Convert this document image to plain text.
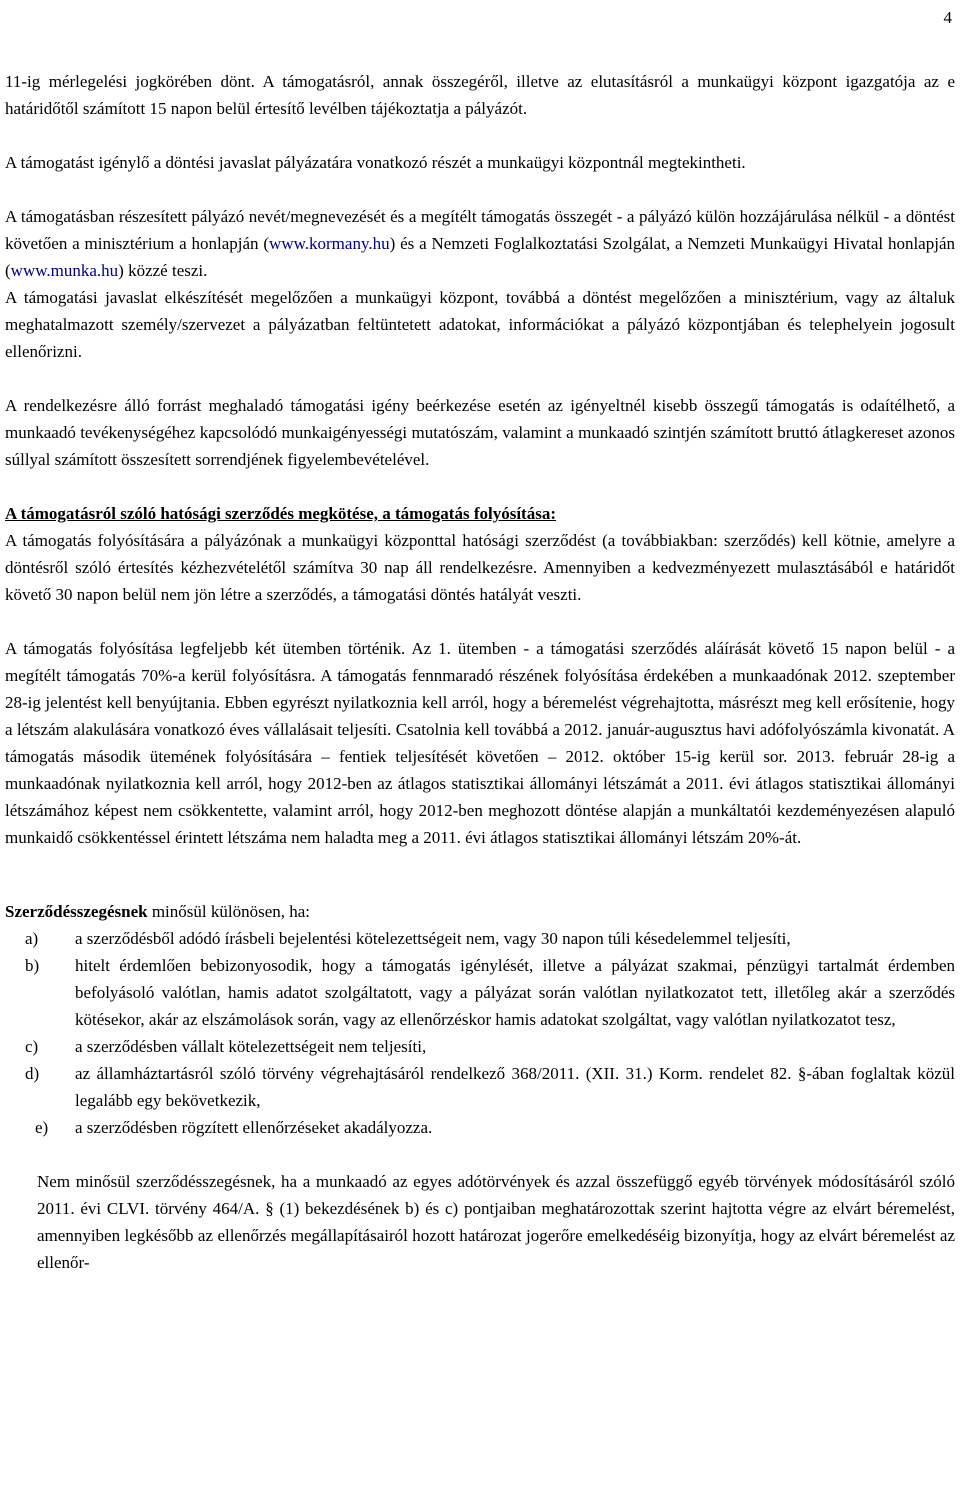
4

11-ig mérlegelési jogkörében dönt. A támogatásról, annak összegéről, illetve az elutasításról a munkaügyi központ igazgatója az e határidőtől számított 15 napon belül értesítő levélben tájékoztatja a pályázót.

A támogatást igénylő a döntési javaslat pályázatára vonatkozó részét a munkaügyi központnál megtekintheti.

A támogatásban részesített pályázó nevét/megnevezését és a megítélt támogatás összegét - a pályázó külön hozzájárulása nélkül - a döntést követően a minisztérium a honlapján (www.kormany.hu) és a Nemzeti Foglalkoztatási Szolgálat, a Nemzeti Munkaügyi Hivatal honlapján (www.munka.hu) közzé teszi.

A támogatási javaslat elkészítését megelőzően a munkaügyi központ, továbbá a döntést megelőzően a minisztérium, vagy az általuk meghatalmazott személy/szervezet a pályázatban feltüntetett adatokat, információkat a pályázó központjában és telephelyein jogosult ellenőrizni.

A rendelkezésre álló forrást meghaladó támogatási igény beérkezése esetén az igényeltnél kisebb összegű támogatás is odaítélhető, a munkaadó tevékenységéhez kapcsolódó munkaigényességi mutatószám, valamint a munkaadó szintjén számított bruttó átlagkereset azonos súllyal számított összesített sorrendjének figyelembevételével.

A támogatásról szóló hatósági szerződés megkötése, a támogatás folyósítása:

A támogatás folyósítására a pályázónak a munkaügyi központtal hatósági szerződést (a továbbiakban: szerződés) kell kötnie, amelyre a döntésről szóló értesítés kézhezvételétől számítva 30 nap áll rendelkezésre. Amennyiben a kedvezményezett mulasztásából e határidőt követő 30 napon belül nem jön létre a szerződés, a támogatási döntés hatályát veszti.

A támogatás folyósítása legfeljebb két ütemben történik. Az 1. ütemben - a támogatási szerződés aláírását követő 15 napon belül - a megítélt támogatás 70%-a kerül folyósításra. A támogatás fennmaradó részének folyósítása érdekében a munkaadónak 2012. szeptember 28-ig jelentést kell benyújtania. Ebben egyrészt nyilatkoznia kell arról, hogy a béremelést végrehajtotta, másrészt meg kell erősítenie, hogy a létszám alakulására vonatkozó éves vállalásait teljesíti. Csatolnia kell továbbá a 2012. január-augusztus havi adófolyószámla kivonatát. A támogatás második ütemének folyósítására – fentiek teljesítését követően – 2012. október 15-ig kerül sor. 2013. február 28-ig a munkaadónak nyilatkoznia kell arról, hogy 2012-ben az átlagos statisztikai állományi létszámát a 2011. évi átlagos statisztikai állományi létszámához képest nem csökkentette, valamint arról, hogy 2012-ben meghozott döntése alapján a munkáltatói kezdeményezésen alapuló munkaidő csökkentéssel érintett létszáma nem haladta meg a 2011. évi átlagos statisztikai állományi létszám 20%-át.

Szerződésszegésnek minősül különösen, ha:

a)	a szerződésből adódó írásbeli bejelentési kötelezettségeit nem, vagy 30 napon túli késedelemmel teljesíti,
b)	hitelt érdemlően bebizonyosodik, hogy a támogatás igénylését, illetve a pályázat szakmai, pénzügyi tartalmát érdemben befolyásoló valótlan, hamis adatot szolgáltatott, vagy a pályázat során valótlan nyilatkozatot tett, illetőleg akár a szerződés kötésekor, akár az elszámolások során, vagy az ellenőrzéskor hamis adatokat szolgáltat, vagy valótlan nyilatkozatot tesz,
c)	a szerződésben vállalt kötelezettségeit nem teljesíti,
d)	az államháztartásról szóló törvény végrehajtásáról rendelkező 368/2011. (XII. 31.) Korm. rendelet 82. §-ában foglaltak közül legalább egy bekövetkezik,
e)	a szerződésben rögzített ellenőrzéseket akadályozza.

Nem minősül szerződésszegésnek, ha a munkaadó az egyes adótörvények és azzal összefüggő egyéb törvények módosításáról szóló 2011. évi CLVI. törvény 464/A. § (1) bekezdésének b) és c) pontjaiban meghatározottak szerint hajtotta végre az elvárt béremelést, amennyiben legkésőbb az ellenőrzés megállapításairól hozott határozat jogerőre emelkedéséig bizonyítja, hogy az elvárt béremelést az ellenőr-
